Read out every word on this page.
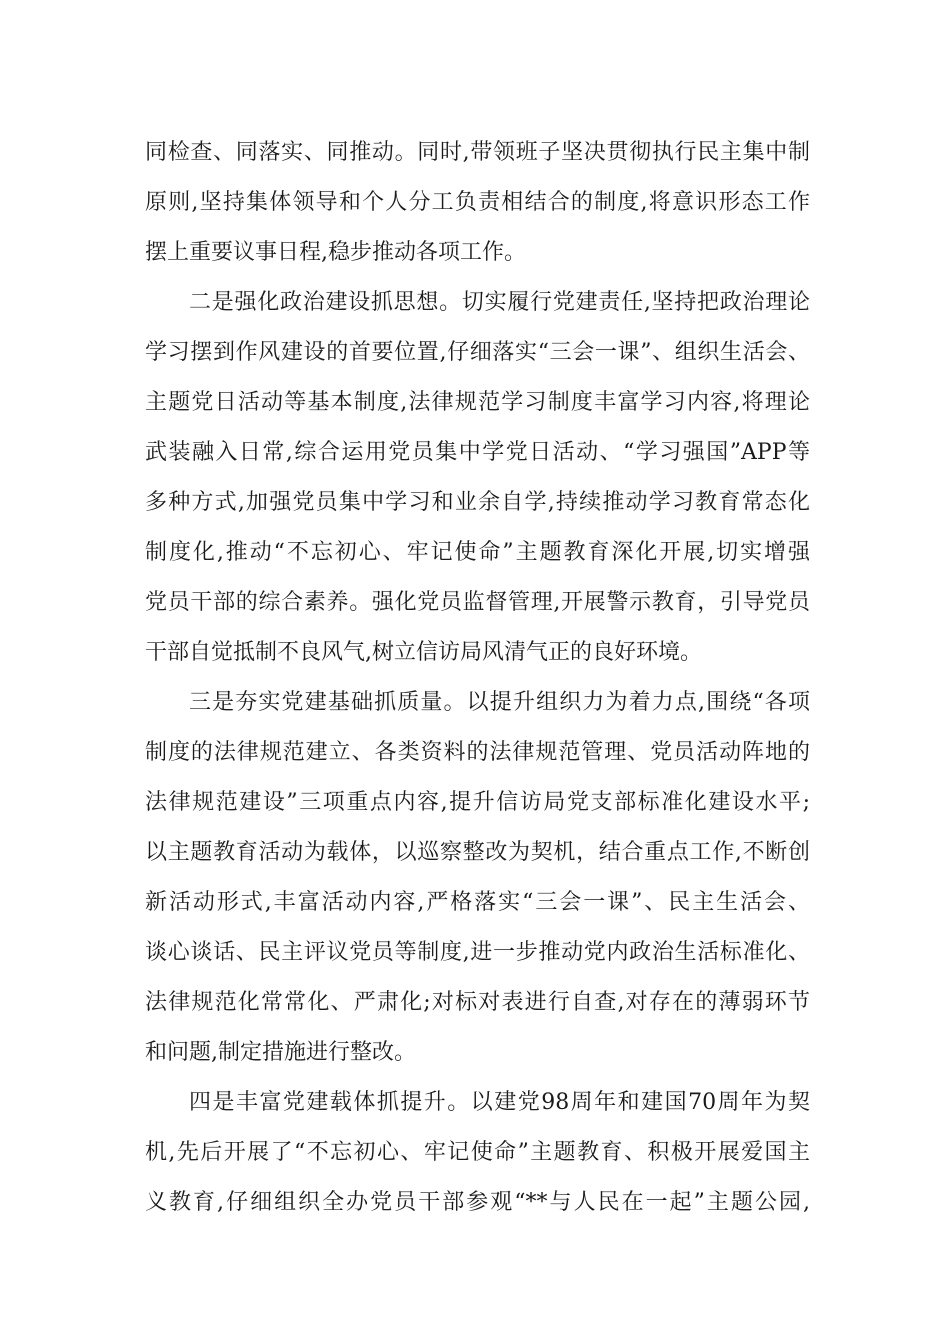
同检查、同落实、同推动。同时,带领班子坚决贯彻执行民主集中制
原则,坚持集体领导和个人分工负责相结合的制度,将意识形态工作
摆上重要议事日程,稳步推动各项工作。
二是强化政治建设抓思想。切实履行党建责任,坚持把政治理论
学习摆到作风建设的首要位置,仔细落实“三会一课”、组织生活会、
主题党日活动等基本制度,法律规范学习制度丰富学习内容,将理论
武装融入日常,综合运用党员集中学党日活动、“学习强国”APP等
多种方式,加强党员集中学习和业余自学,持续推动学习教育常态化
制度化,推动“不忘初心、牢记使命”主题教育深化开展,切实增强
党员干部的综合素养。强化党员监督管理,开展警示教育，引导党员
干部自觉抵制不良风气,树立信访局风清气正的良好环境。
三是夯实党建基础抓质量。以提升组织力为着力点,围绕“各项
制度的法律规范建立、各类资料的法律规范管理、党员活动阵地的
法律规范建设”三项重点内容,提升信访局党支部标准化建设水平;
以主题教育活动为载体，以巡察整改为契机，结合重点工作,不断创
新活动形式,丰富活动内容,严格落实“三会一课”、民主生活会、
谈心谈话、民主评议党员等制度,进一步推动党内政治生活标准化、
法律规范化常常化、严肃化;对标对表进行自查,对存在的薄弱环节
和问题,制定措施进行整改。
四是丰富党建载体抓提升。以建党98周年和建国70周年为契
机,先后开展了“不忘初心、牢记使命”主题教育、积极开展爱国主
义教育,仔细组织全办党员干部参观“**与人民在一起”主题公园,
